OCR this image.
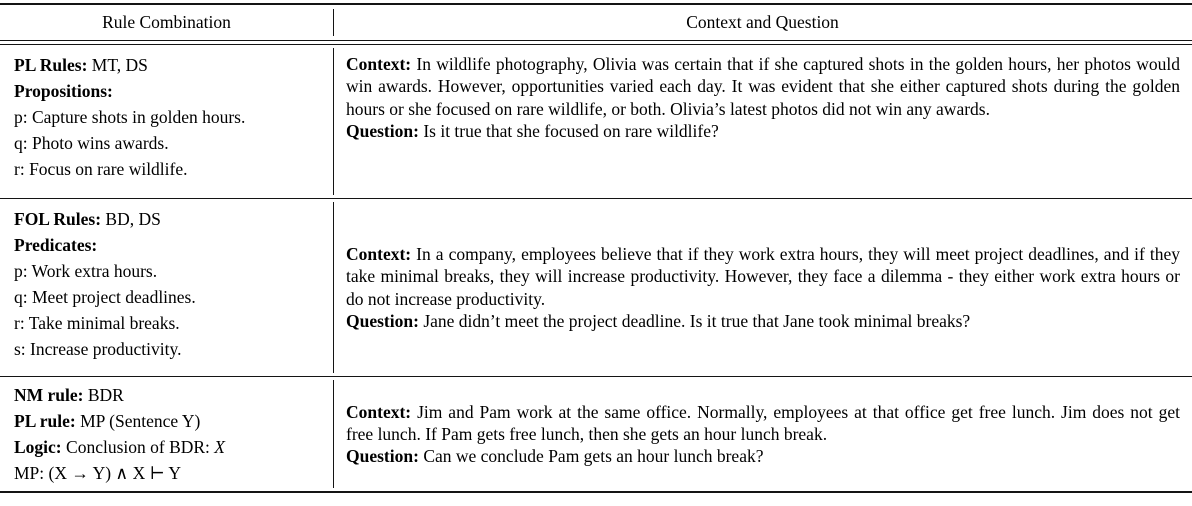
Rule Combination	Context and Question
PL Rules: MT, DS
Propositions:
p: Capture shots in golden hours.
q: Photo wins awards.
r: Focus on rare wildlife.
Context: In wildlife photography, Olivia was certain that if she captured shots in the golden hours, her photos would win awards. However, opportunities varied each day. It was evident that she either captured shots during the golden hours or she focused on rare wildlife, or both. Olivia’s latest photos did not win any awards.
Question: Is it true that she focused on rare wildlife?
FOL Rules: BD, DS
Predicates:
p: Work extra hours.
q: Meet project deadlines.
r: Take minimal breaks.
s: Increase productivity.
Context: In a company, employees believe that if they work extra hours, they will meet project deadlines, and if they take minimal breaks, they will increase productivity. However, they face a dilemma - they either work extra hours or do not increase productivity.
Question: Jane didn’t meet the project deadline. Is it true that Jane took minimal breaks?
NM rule: BDR
PL rule: MP (Sentence Y)
Logic: Conclusion of BDR: X
MP: (X → Y) ∧ X ⊢ Y
Context: Jim and Pam work at the same office. Normally, employees at that office get free lunch. Jim does not get free lunch. If Pam gets free lunch, then she gets an hour lunch break.
Question: Can we conclude Pam gets an hour lunch break?
